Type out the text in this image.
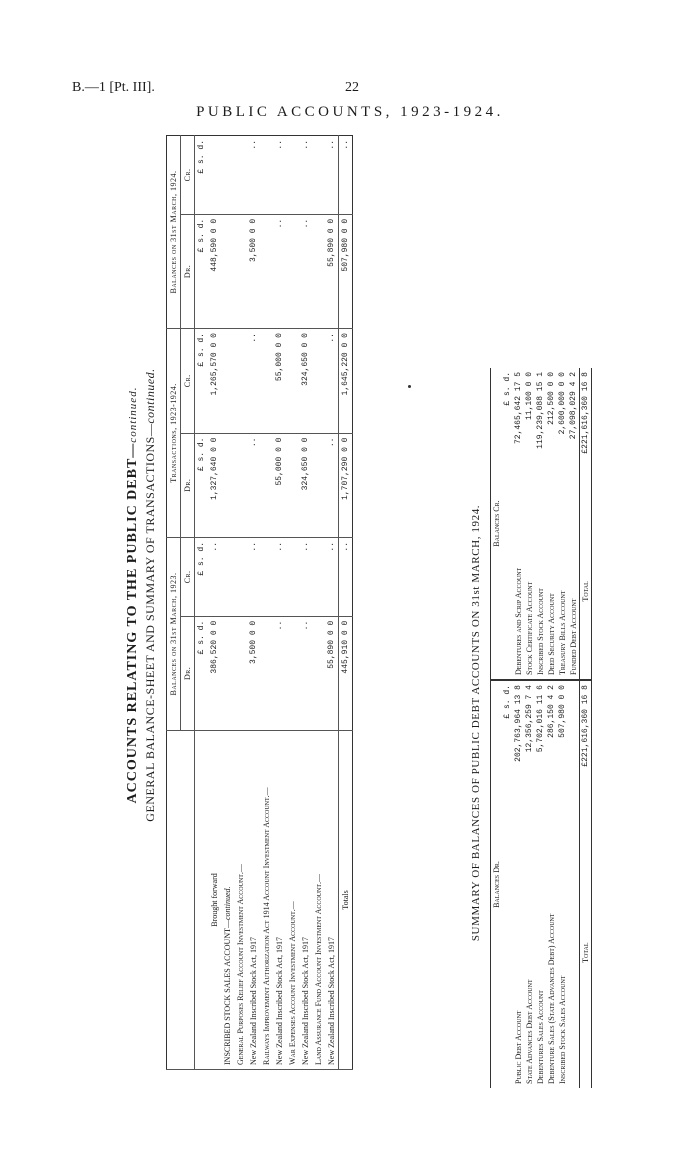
B.—1 [Pt. III].	22
PUBLIC ACCOUNTS, 1923-1924.
ACCOUNTS RELATING TO THE PUBLIC DEBT—continued.
GENERAL BALANCE-SHEET AND SUMMARY OF TRANSACTIONS—continued.
	Balances on 31st March, 1923.		Transactions, 1923-1924.		Balances on 31st March, 1924.	
	Dr.	Cr.	Dr.	Cr.	Dr.	Cr.
	£ s. d.	£ s. d.	£ s. d.	£ s. d.	£ s. d.	£ s. d.
Brought forward	386,520 0 0	..	1,327,640 0 0	1,265,570 0 0	448,590 0 0	
INSCRIBED STOCK SALES ACCOUNT—continued.						
General Purposes Relief Account Investment Account.—						
New Zealand Inscribed Stock Act, 1917	3,500 0 0	..	..	..	3,500 0 0	..
Railways Improvement Authorization Act 1914 Account Investment Account.—						
New Zealand Inscribed Stock Act, 1917	..	..	55,000 0 0	55,000 0 0	..	..
War Expenses Account Investment Account.—						
New Zealand Inscribed Stock Act, 1917	..	..	324,650 0 0	324,650 0 0	..	..
Land Assurance Fund Account Investment Account.—						
New Zealand Inscribed Stock Act, 1917	55,890 0 0	..	..	..	55,890 0 0	..
Totals	445,910 0 0	..	1,707,290 0 0	1,645,220 0 0	507,980 0 0	..
SUMMARY OF BALANCES OF PUBLIC DEBT ACCOUNTS ON 31st MARCH, 1924. Balances Dr.		Balances Cr.	
	£ s. d.		£ s. d.
Public Debt Account	202,763,964 13 8	Debentures and Scrip Account	72,465,642 17 5
State Advances Debt Account	12,356,259 7 4	Stock Certificate Account	11,100 0 0
Debentures Sales Account	5,702,016 11 6	Inscribed Stock Account	119,239,088 15 1
Debenture Sales (State Advances Debt) Account	286,150 4 2	Deed Security Account	212,500 0 0
Inscribed Stock Sales Account	507,980 0 0	Treasury Bills Account	2,600,000 0 0
		Funded Debt Account	27,098,029 4 2
Total	£221,616,360 16 8	Total	£221,616,360 16 8
